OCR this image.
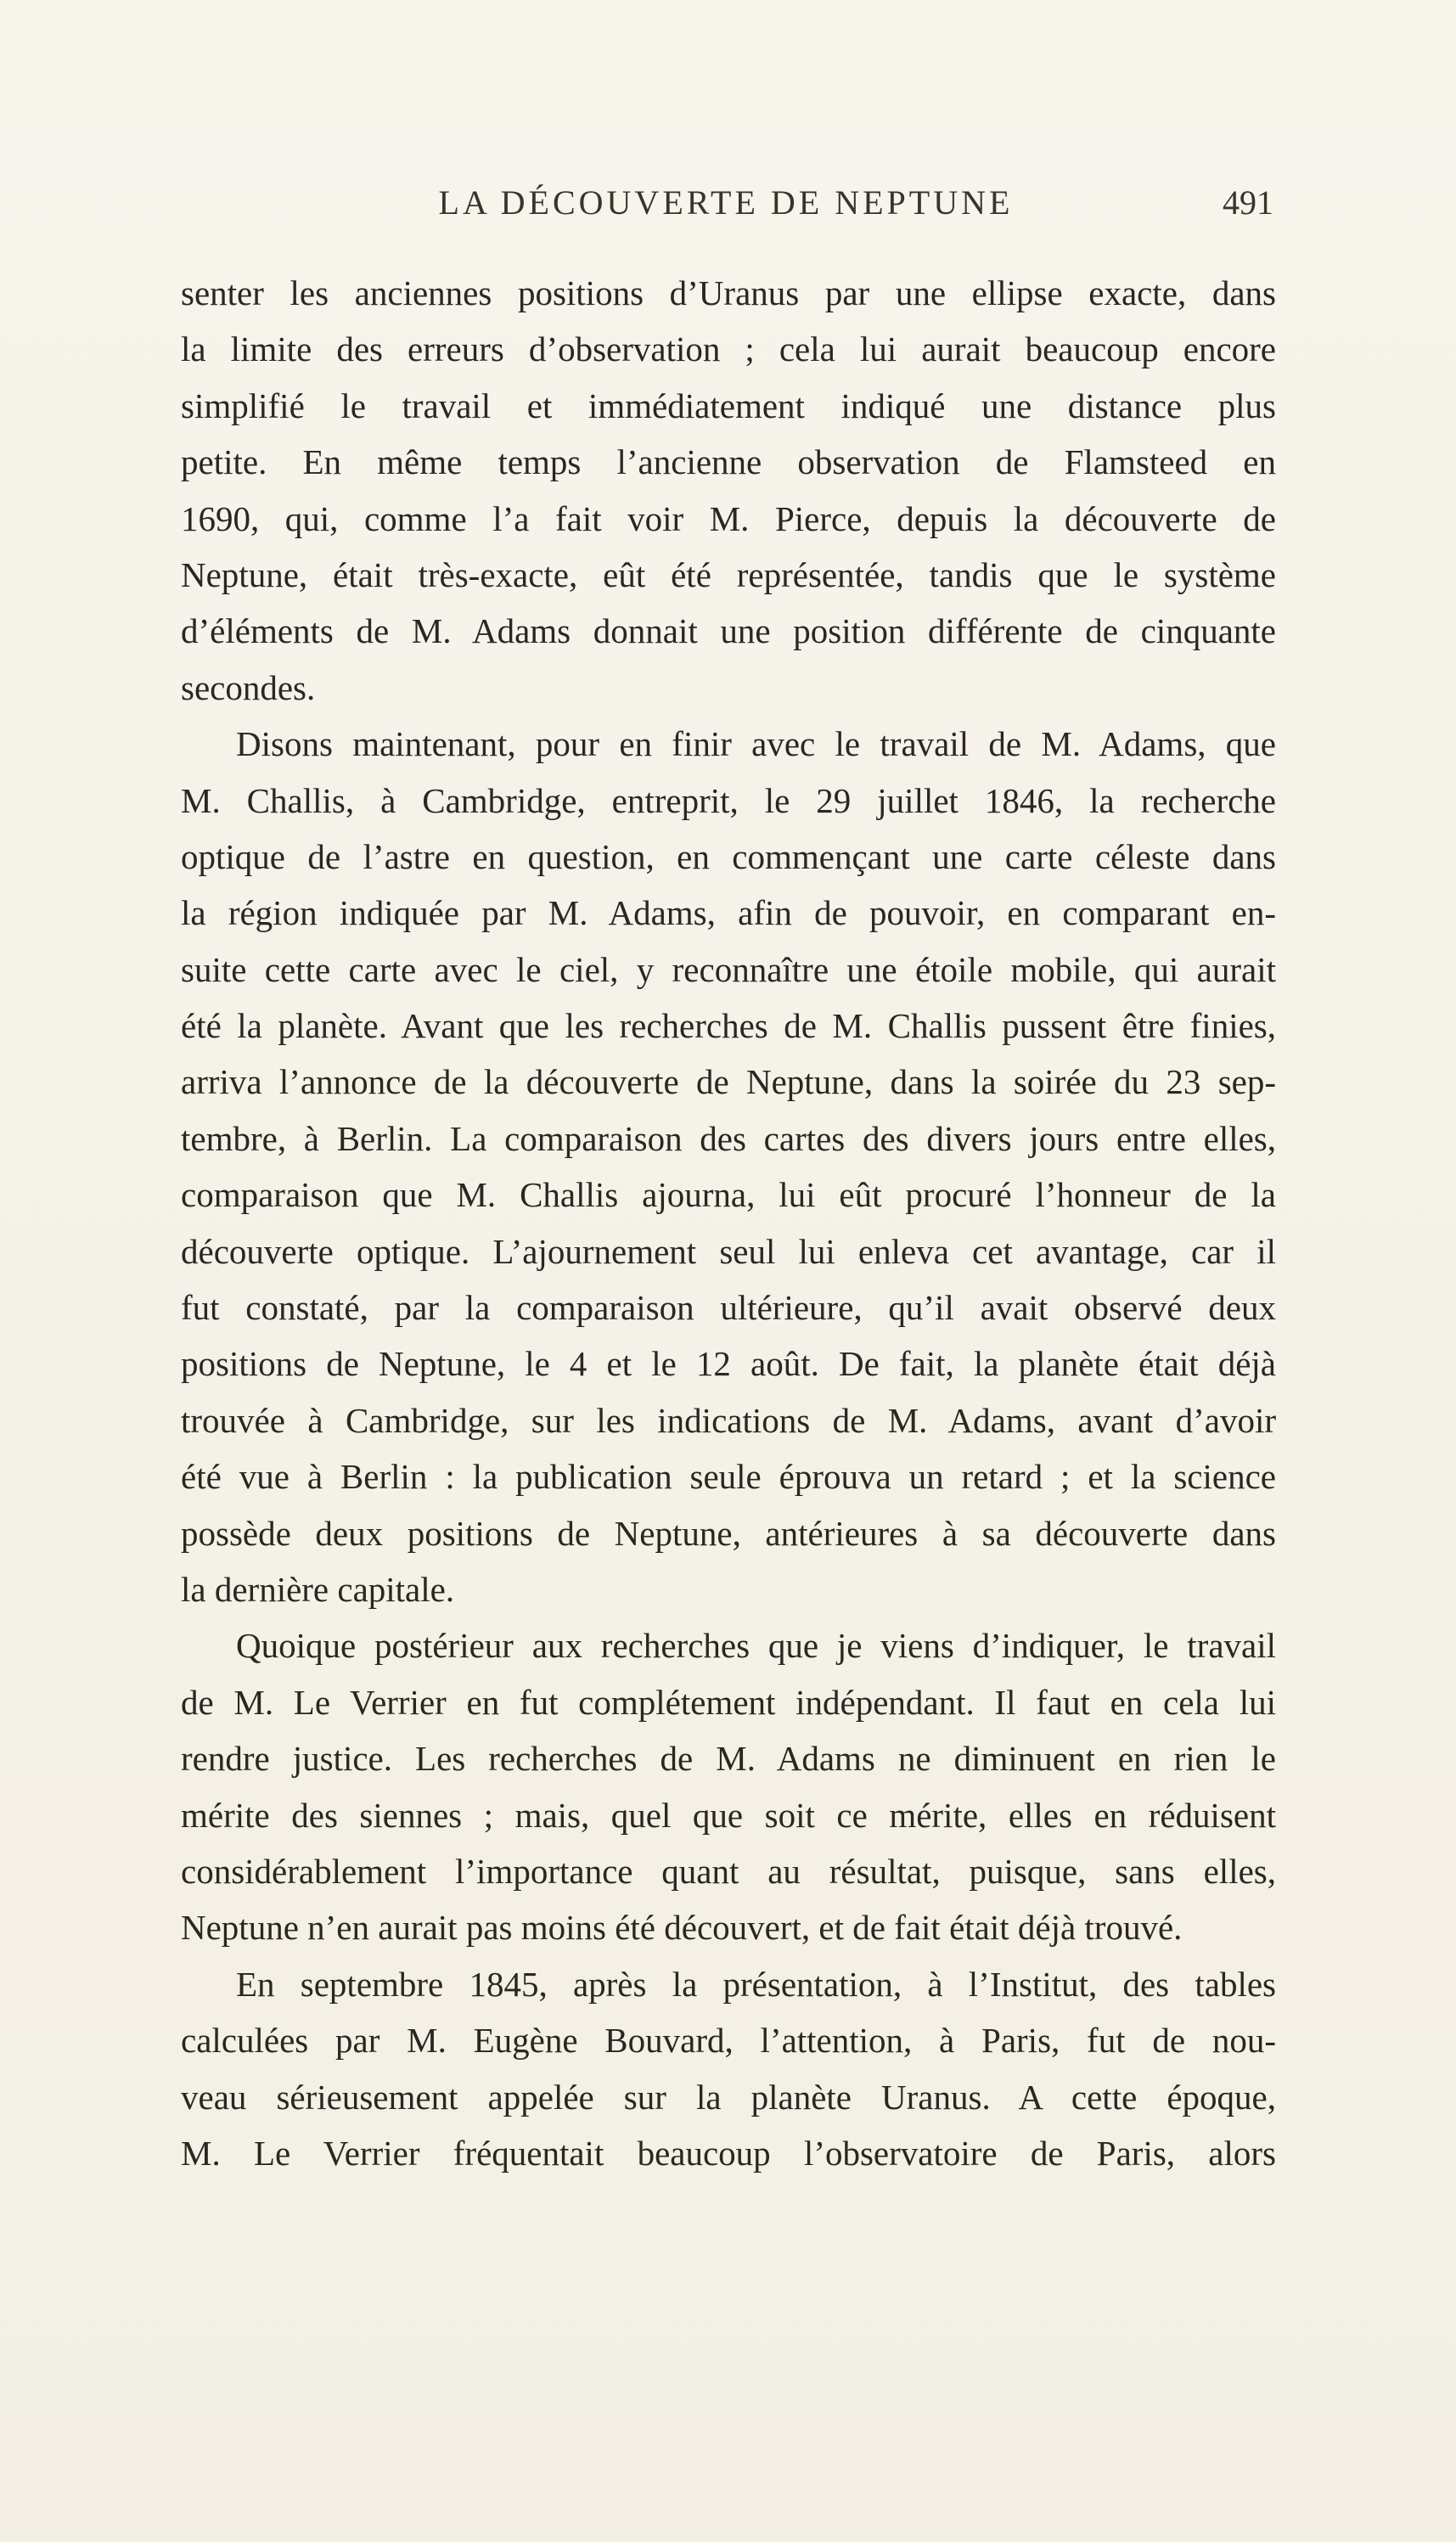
LA DÉCOUVERTE DE NEPTUNE	491
senter les anciennes positions d’Uranus par une ellipse exacte, dans
la limite des erreurs d’observation ; cela lui aurait beaucoup encore
simplifié le travail et immédiatement indiqué une distance plus
petite. En même temps l’ancienne observation de Flamsteed en
1690, qui, comme l’a fait voir M. Pierce, depuis la découverte de
Neptune, était très-exacte, eût été représentée, tandis que le système
d’éléments de M. Adams donnait une position différente de cinquante
secondes.
Disons maintenant, pour en finir avec le travail de M. Adams, que
M. Challis, à Cambridge, entreprit, le 29 juillet 1846, la recherche
optique de l’astre en question, en commençant une carte céleste dans
la région indiquée par M. Adams, afin de pouvoir, en comparant en-
suite cette carte avec le ciel, y reconnaître une étoile mobile, qui aurait
été la planète. Avant que les recherches de M. Challis pussent être finies,
arriva l’annonce de la découverte de Neptune, dans la soirée du 23 sep-
tembre, à Berlin. La comparaison des cartes des divers jours entre elles,
comparaison que M. Challis ajourna, lui eût procuré l’honneur de la
découverte optique. L’ajournement seul lui enleva cet avantage, car il
fut constaté, par la comparaison ultérieure, qu’il avait observé deux
positions de Neptune, le 4 et le 12 août. De fait, la planète était déjà
trouvée à Cambridge, sur les indications de M. Adams, avant d’avoir
été vue à Berlin : la publication seule éprouva un retard ; et la science
possède deux positions de Neptune, antérieures à sa découverte dans
la dernière capitale.
Quoique postérieur aux recherches que je viens d’indiquer, le travail
de M. Le Verrier en fut complétement indépendant. Il faut en cela lui
rendre justice. Les recherches de M. Adams ne diminuent en rien le
mérite des siennes ; mais, quel que soit ce mérite, elles en réduisent
considérablement l’importance quant au résultat, puisque, sans elles,
Neptune n’en aurait pas moins été découvert, et de fait était déjà trouvé.
En septembre 1845, après la présentation, à l’Institut, des tables
calculées par M. Eugène Bouvard, l’attention, à Paris, fut de nou-
veau sérieusement appelée sur la planète Uranus. A cette époque,
M. Le Verrier fréquentait beaucoup l’observatoire de Paris, alors
